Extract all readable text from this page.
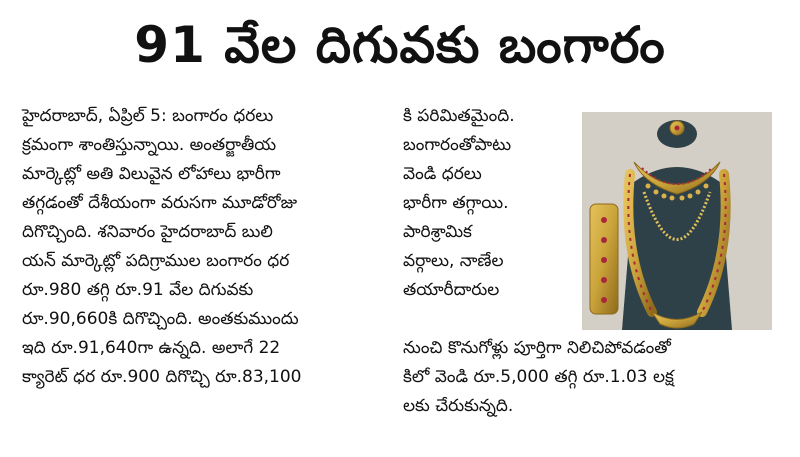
91 వేల దిగువకు బంగారం
హైదరాబాద్, ఏప్రిల్ 5: బంగారం ధరలు
క్రమంగా శాంతిస్తున్నాయి. అంతర్జాతీయ
మార్కెట్లో అతి విలువైన లోహాలు భారీగా
తగ్గడంతో దేశీయంగా వరుసగా మూడోరోజు
దిగొచ్చింది. శనివారం హైదరాబాద్ బులి
యన్ మార్కెట్లో పదిగ్రాముల బంగారం ధర
రూ.980 తగ్గి రూ.91 వేల దిగువకు
రూ.90,660కి దిగొచ్చింది. అంతకుముందు
ఇది రూ.91,640గా ఉన్నది. అలాగే 22
క్యారెట్ ధర రూ.900 దిగొచ్చి రూ.83,100
కి పరిమితమైంది.
బంగారంతోపాటు
వెండి ధరలు
భారీగా తగ్గాయి.
పారిశ్రామిక
వర్గాలు, నాణేల
తయారీదారుల
నుంచి కొనుగోళ్లు పూర్తిగా నిలిచిపోవడంతో
కిలో వెండి రూ.5,000 తగ్గి రూ.1.03 లక్ష
లకు చేరుకున్నది.
